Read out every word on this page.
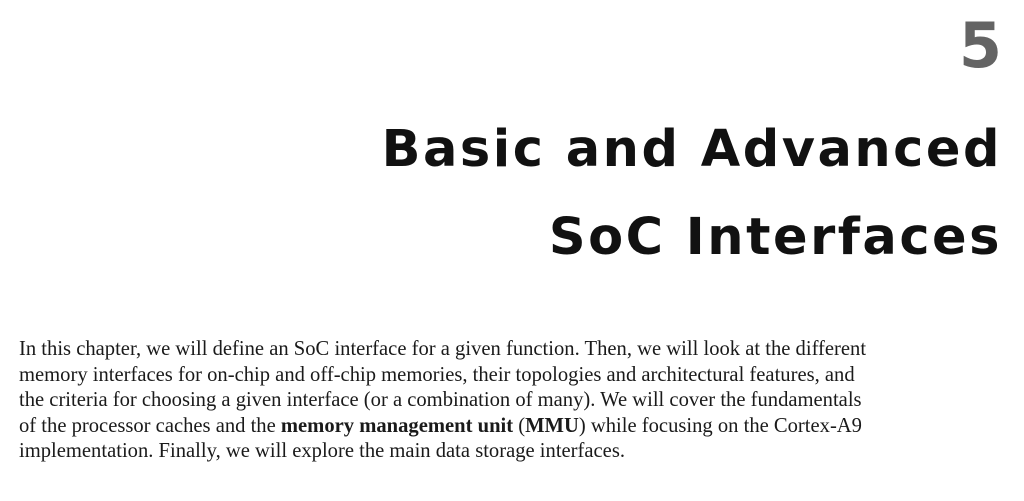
5
Basic and Advanced
SoC Interfaces

In this chapter, we will define an SoC interface for a given function. Then, we will look at the different
memory interfaces for on-chip and off-chip memories, their topologies and architectural features, and
the criteria for choosing a given interface (or a combination of many). We will cover the fundamentals
of the processor caches and the memory management unit (MMU) while focusing on the Cortex-A9
implementation. Finally, we will explore the main data storage interfaces.
